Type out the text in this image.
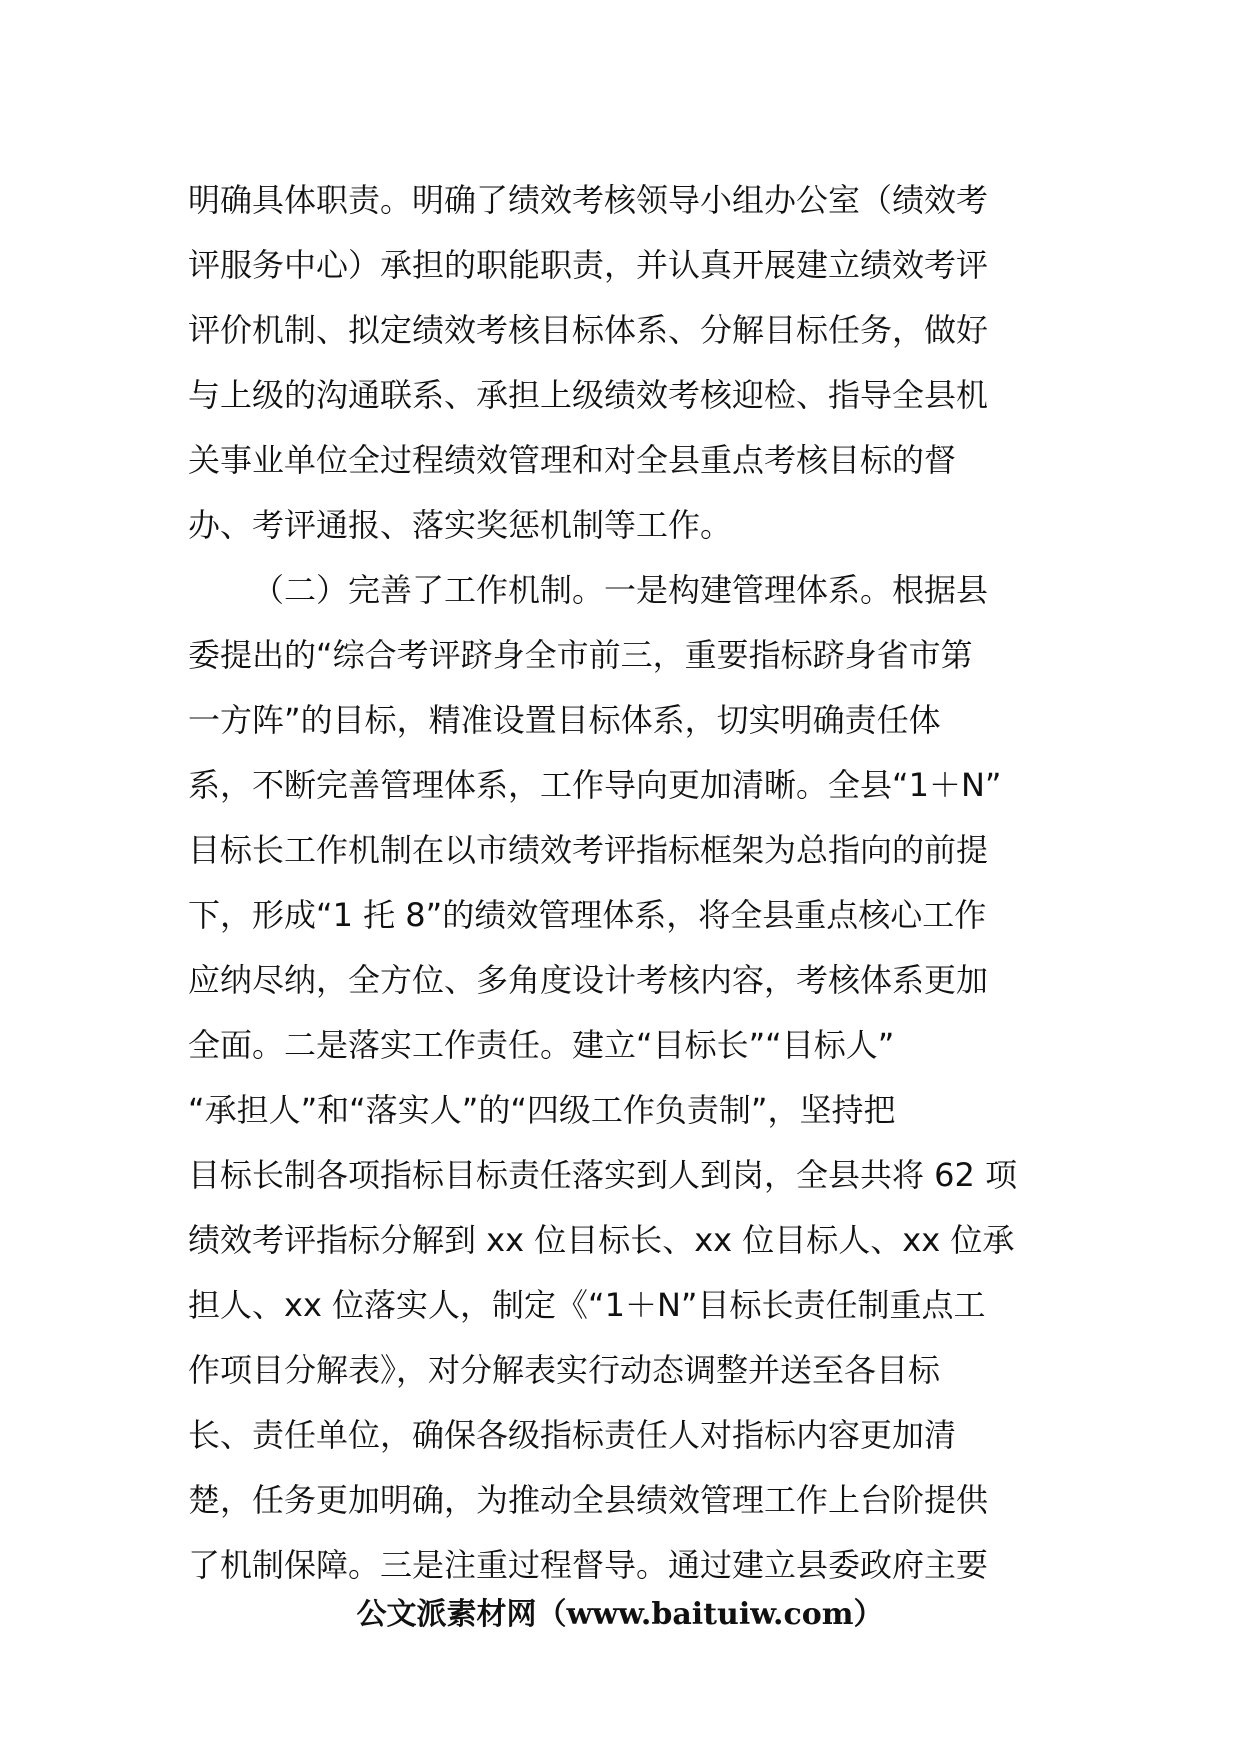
明确具体职责。明确了绩效考核领导小组办公室（绩效考
评服务中心）承担的职能职责，并认真开展建立绩效考评
评价机制、拟定绩效考核目标体系、分解目标任务，做好
与上级的沟通联系、承担上级绩效考核迎检、指导全县机
关事业单位全过程绩效管理和对全县重点考核目标的督
办、考评通报、落实奖惩机制等工作。
（二）完善了工作机制。一是构建管理体系。根据县
委提出的“综合考评跻身全市前三，重要指标跻身省市第
一方阵”的目标，精准设置目标体系，切实明确责任体
系，不断完善管理体系，工作导向更加清晰。全县“1＋N”
目标长工作机制在以市绩效考评指标框架为总指向的前提
下，形成“1 托 8”的绩效管理体系，将全县重点核心工作
应纳尽纳，全方位、多角度设计考核内容，考核体系更加
全面。二是落实工作责任。建立“目标长”“目标人”
“承担人”和“落实人”的“四级工作负责制”，坚持把
目标长制各项指标目标责任落实到人到岗，全县共将 62 项
绩效考评指标分解到 xx 位目标长、xx 位目标人、xx 位承
担人、xx 位落实人，制定《“1＋N”目标长责任制重点工
作项目分解表》，对分解表实行动态调整并送至各目标
长、责任单位，确保各级指标责任人对指标内容更加清
楚，任务更加明确，为推动全县绩效管理工作上台阶提供
了机制保障。三是注重过程督导。通过建立县委政府主要
公文派素材网（www.baituiw.com）
